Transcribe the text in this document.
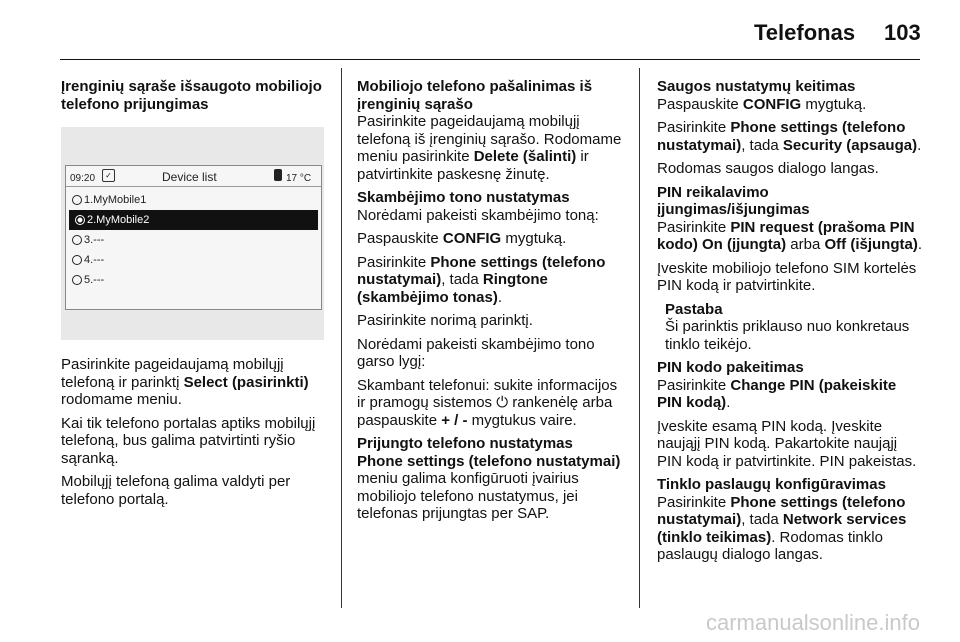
Telefonas 103
Įrenginių sąraše išsaugoto mobiliojo telefono prijungimas
09:20	✓	Device list	17 °C
1.MyMobile1
2.MyMobile2
3.---
4.---
5.---

Pasirinkite pageidaujamą mobilųjį telefoną ir parinktį Select (pasirinkti) rodomame meniu.

Kai tik telefono portalas aptiks mobilųjį telefoną, bus galima patvirtinti ryšio sąranką.

Mobilųjį telefoną galima valdyti per telefono portalą.

Mobiliojo telefono pašalinimas iš įrenginių sąrašo

Pasirinkite pageidaujamą mobilųjį telefoną iš įrenginių sąrašo. Rodomame meniu pasirinkite Delete (šalinti) ir patvirtinkite paskesnę žinutę.

Skambėjimo tono nustatymas

Norėdami pakeisti skambėjimo toną:

Paspauskite CONFIG mygtuką.

Pasirinkite Phone settings (telefono nustatymai), tada Ringtone (skambėjimo tonas).

Pasirinkite norimą parinktį.

Norėdami pakeisti skambėjimo tono garso lygį:

Skambant telefonui: sukite informacijos ir pramogų sistemos ⏻ rankenėlę arba paspauskite + / - mygtukus vaire.

Prijungto telefono nustatymas
Phone settings (telefono nustatymai)

meniu galima konfigūruoti įvairius mobiliojo telefono nustatymus, jei telefonas prijungtas per SAP.

Saugos nustatymų keitimas

Paspauskite CONFIG mygtuką.

Pasirinkite Phone settings (telefono nustatymai), tada Security (apsauga).

Rodomas saugos dialogo langas.

PIN reikalavimo įjungimas/išjungimas

Pasirinkite PIN request (prašoma PIN kodo) On (įjungta) arba Off (išjungta).

Įveskite mobiliojo telefono SIM kortelės PIN kodą ir patvirtinkite.

Pastaba
Ši parinktis priklauso nuo konkretaus tinklo teikėjo.
PIN kodo pakeitimas

Pasirinkite Change PIN (pakeiskite PIN kodą).

Įveskite esamą PIN kodą. Įveskite naująjį PIN kodą. Pakartokite naująjį PIN kodą ir patvirtinkite. PIN pakeistas.

Tinklo paslaugų konfigūravimas

Pasirinkite Phone settings (telefono nustatymai), tada Network services (tinklo teikimas). Rodomas tinklo paslaugų dialogo langas.

carmanualsonline.info
